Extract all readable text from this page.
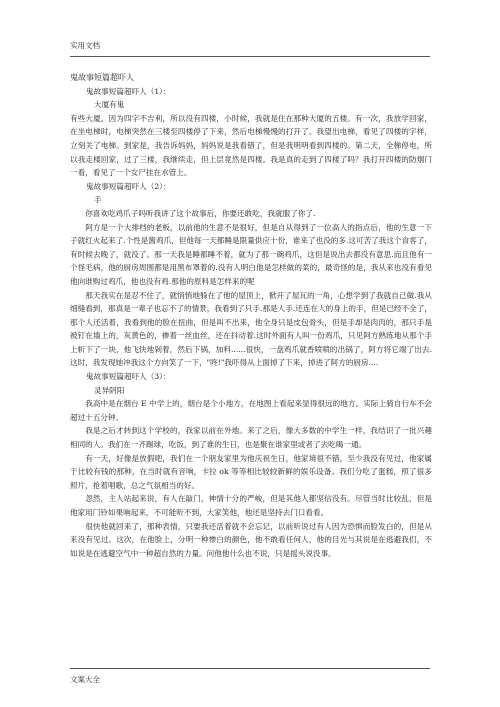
实用文档

鬼故事短篇超吓人

鬼故事短篇超吓人（1）：

大厦有鬼

有些大厦，因为四字不吉利，所以没有四楼，小时候，我就是住在那种大厦的五楼。有一次，我放学回家，在坐电梯时，电梯突然在三楼至四楼停了下来，然后电梯慢慢的打开了。我望出电梯，看见了四楼的字样，立刻关了电梯。到家是，我告诉妈妈，妈妈说是我看错了，但是我明明看到四楼的。第二天，全梯停电，所以我走楼回家，过了三楼，我继续走，但上层竟然是四楼。我是真的走到了四楼了吗？我打开四楼的防烟门一看，看见了一个女尸挂在水管上。

鬼故事短篇超吓人（2）：

手

你喜欢吃鸡爪子吗听我讲了这个故事后，你要还敢吃，我就服了你了.

阿方是一个大排档的老板，以前他的生意不是很好，但是自从得到了一位高人的指点后，他的生意一下子就红火起来了.个性是酱鸡爪，但他每一天都睡是限量供应十份，谁来了也没的多.这可苦了我这个食客了，有时候去晚了，就没了。那一天我是睡都睡不着，就为了那一碗鸡爪，这但是说出去都没有意思.而且他有一个怪毛病，他的厨房周围都是用黑布罩着的.没有人明白他是怎样做的菜的，最奇怪的是，我从来也没有看见他向谁购过鸡爪，他也没有鸡.那他的原料是怎样来的呢

那天我实在是忍不住了，就悄悄地躲在了他的屋顶上，掀开了屋瓦的一角，心想学到了我就自己做.我从细缝看到，那真是一辈子也忘不了的情景，我看到了只手.那是人手.还连在人的身上的手，但是已经不全了，那个人还活着，我看到他的脸在扭曲，但是叫不出来，他全身只是皮包骨头，但是手却是肉肉的，那只手是被钉在墙上的，灰黄色的，掺着一丝血丝，还在抖动着.这时外面有人叫一份鸡爪，只见阿方熟练地从那个手上斩下了一块，他飞快地剁着，然后下锅，加料......很快，一盘鸡爪就香喷喷的出锅了，阿方将它端了出去.这时，我发现她冲我这个方向笑了一下，"咚!"我吓得从上面掉了下来，掉进了阿方的厨房....

鬼故事短篇超吓人（3）：

灵异阴阳

我高中是在烟台 E 中学上的，烟台是个小地方，在地图上看起来显得很远的地方。实际上骑自行车不会超过十五分钟。

我是之后才转到这个学校的，我家以前在外地。来了之后，像大多数的中学生一样，我结识了一批兴趣相同的人。我们在一齐踢球，吃饭，到了谁的生日，也是聚在谁家里或者了去吃喝一通。

有一天，好像是放假吧，我们在一个朋友家里为他庆祝生日，他家境很不错，至少我没有见过，他家属于比较有钱的那种，在当时就有音响，卡拉 ok 等等相比较较新鲜的娱乐设备。我们分吃了蛋糕，照了很多照片，抢着唱歌，总之气氛相当的好。

忽然，主人站起来说，有人在敲门，神情十分的严峻，但是其他人都坚信没有。尽管当时比较乱，但是他家用门铃如果响起来，不可能听不到，大家笑他，他还是坚持去门口看看。

很快他就回来了，那种表情，只要我还活着就不会忘记，以前听说过有人因为恐惧而脸发白的，但是从来没有见过。这次，在他脸上，分明一种惨白的颜色，他不敢看任何人，他的目光与其说是在逃避我们，不如说是在逃避空气中一种超自然的力量。问他他什么也不说，只是摇头说没事。

文案大全
